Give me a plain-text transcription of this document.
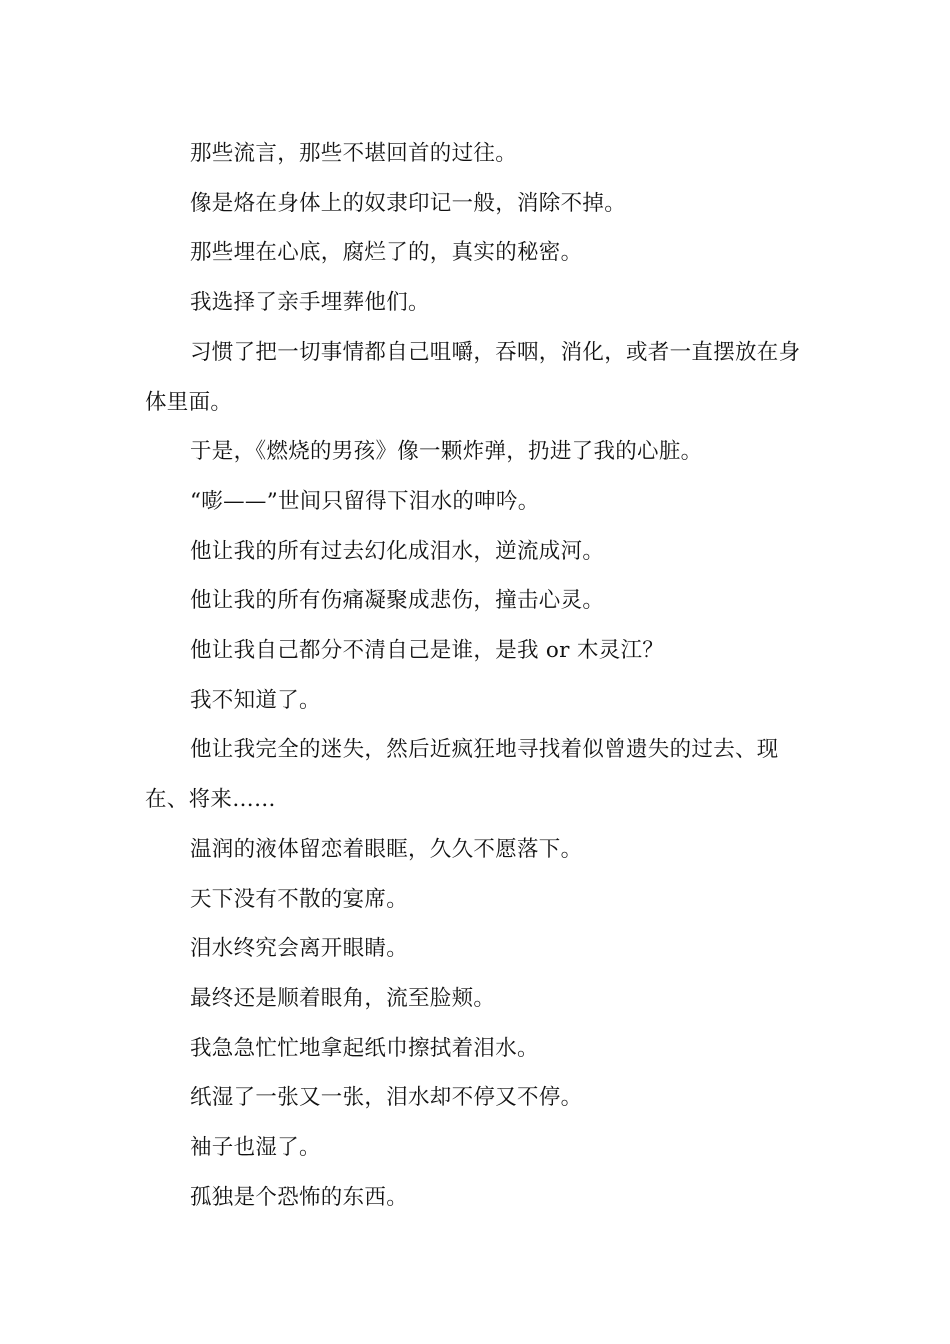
那些流言，那些不堪回首的过往。

像是烙在身体上的奴隶印记一般，消除不掉。

那些埋在心底，腐烂了的，真实的秘密。

我选择了亲手埋葬他们。

习惯了把一切事情都自己咀嚼，吞咽，消化，或者一直摆放在身体里面。

于是，《燃烧的男孩》像一颗炸弹，扔进了我的心脏。

“嘭——”世间只留得下泪水的呻吟。

他让我的所有过去幻化成泪水，逆流成河。

他让我的所有伤痛凝聚成悲伤，撞击心灵。

他让我自己都分不清自己是谁，是我 or 木灵江？

我不知道了。

他让我完全的迷失，然后近疯狂地寻找着似曾遗失的过去、现在、将来……

温润的液体留恋着眼眶，久久不愿落下。

天下没有不散的宴席。

泪水终究会离开眼睛。

最终还是顺着眼角，流至脸颊。

我急急忙忙地拿起纸巾擦拭着泪水。

纸湿了一张又一张，泪水却不停又不停。

袖子也湿了。

孤独是个恐怖的东西。
